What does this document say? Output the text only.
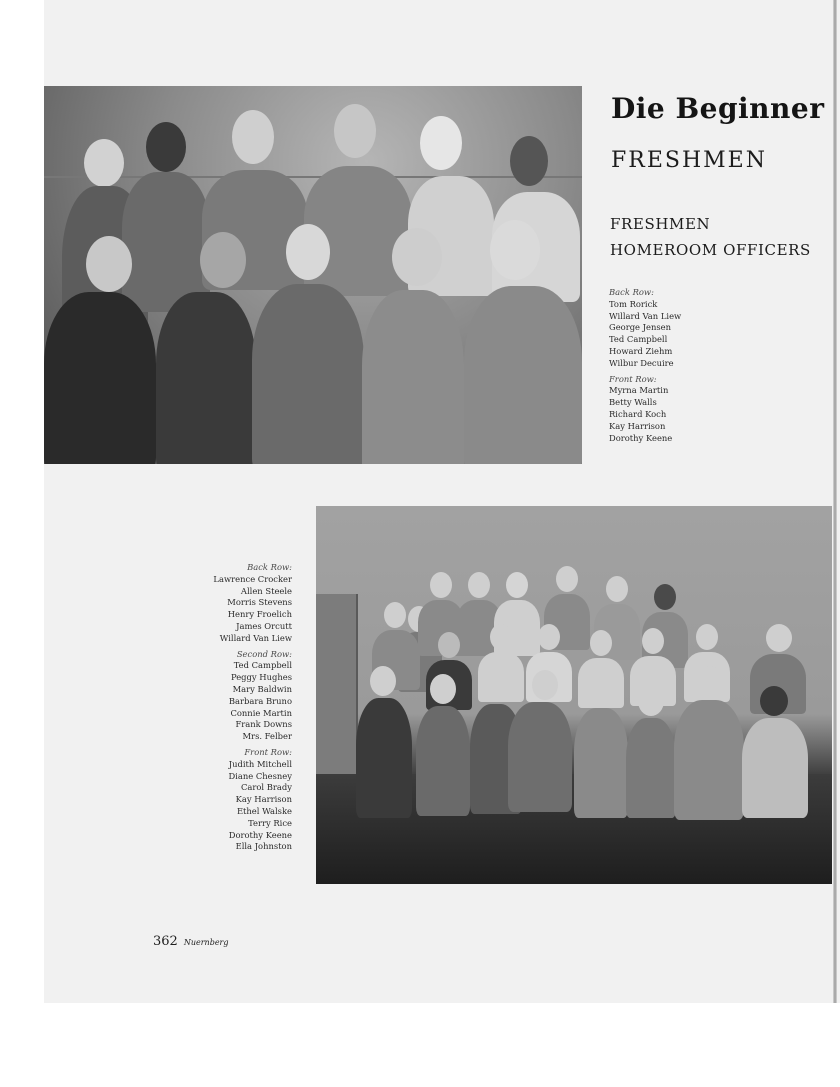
Die Beginner
FRESHMEN
FRESHMEN
HOMEROOM OFFICERS
Back Row:
Tom Rorick
Willard Van Liew
George Jensen
Ted Campbell
Howard Ziehm
Wilbur Decuire
Front Row:
Myrna Martin
Betty Walls
Richard Koch
Kay Harrison
Dorothy Keene
Back Row:
Lawrence Crocker
Allen Steele
Morris Stevens
Henry Froelich
James Orcutt
Willard Van Liew
Second Row:
Ted Campbell
Peggy Hughes
Mary Baldwin
Barbara Bruno
Connie Martin
Frank Downs
Mrs. Felber
Front Row:
Judith Mitchell
Diane Chesney
Carol Brady
Kay Harrison
Ethel Walske
Terry Rice
Dorothy Keene
Ella Johnston
362 Nuernberg
